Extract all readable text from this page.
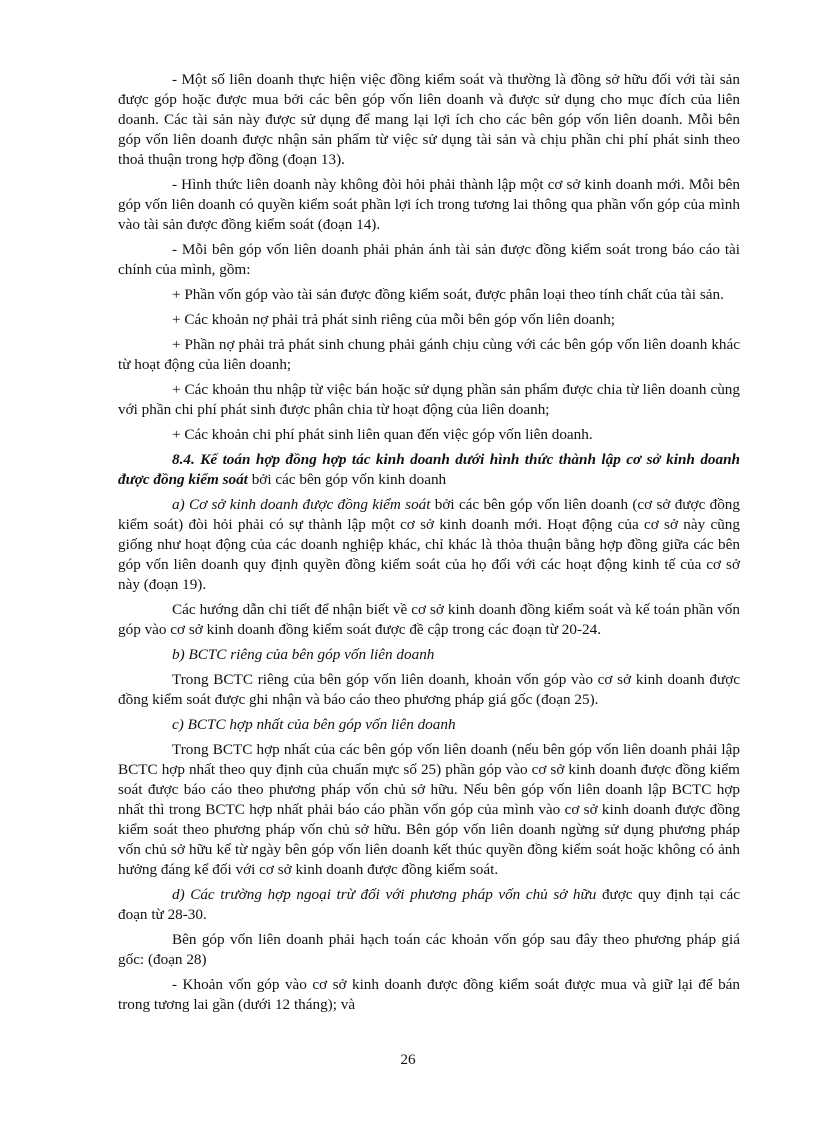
- Một số liên doanh thực hiện việc đồng kiểm soát và thường là đồng sở hữu đối với tài sản được góp hoặc được mua bởi các bên góp vốn liên doanh và được sử dụng cho mục đích của liên doanh. Các tài sản này được sử dụng để mang lại lợi ích cho các bên góp vốn liên doanh. Mỗi bên góp vốn liên doanh được nhận sản phẩm từ việc sử dụng tài sản và chịu phần chi phí phát sinh theo thoả thuận trong hợp đồng (đoạn 13).

- Hình thức liên doanh này không đòi hỏi phải thành lập một cơ sở kinh doanh mới. Mỗi bên góp vốn liên doanh có quyền kiểm soát phần lợi ích trong tương lai thông qua phần vốn góp của mình vào tài sản được đồng kiểm soát (đoạn 14).

- Mỗi bên góp vốn liên doanh phải phản ánh tài sản được đồng kiểm soát trong báo cáo tài chính của mình, gồm:

+ Phần vốn góp vào tài sản được đồng kiểm soát, được phân loại theo tính chất của tài sản.

+ Các khoản nợ phải trả phát sinh riêng của mỗi bên góp vốn liên doanh;

+ Phần nợ phải trả phát sinh chung phải gánh chịu cùng với các bên góp vốn liên doanh khác từ hoạt động của liên doanh;

+ Các khoản thu nhập từ việc bán hoặc sử dụng phần sản phẩm được chia từ liên doanh cùng với phần chi phí phát sinh được phân chia từ hoạt động của liên doanh;

+ Các khoản chi phí phát sinh liên quan đến việc góp vốn liên doanh.

8.4. Kế toán hợp đồng hợp tác kinh doanh dưới hình thức thành lập cơ sở kinh doanh được đồng kiểm soát bởi các bên góp vốn kinh doanh

a) Cơ sở kinh doanh được đồng kiểm soát bởi các bên góp vốn liên doanh (cơ sở được đồng kiểm soát) đòi hỏi phải có sự thành lập một cơ sở kinh doanh mới. Hoạt động của cơ sở này cũng giống như hoạt động của các doanh nghiệp khác, chỉ khác là thỏa thuận bằng hợp đồng giữa các bên góp vốn liên doanh quy định quyền đồng kiểm soát của họ đối với các hoạt động kinh tế của cơ sở này (đoạn 19).

Các hướng dẫn chi tiết để nhận biết về cơ sở kinh doanh đồng kiểm soát và kế toán phần vốn góp vào cơ sở kinh doanh đồng kiểm soát được đề cập trong các đoạn từ 20-24.

b) BCTC riêng của bên góp vốn liên doanh

Trong BCTC riêng của bên góp vốn liên doanh, khoản vốn góp vào cơ sở kinh doanh được đồng kiểm soát được ghi nhận và báo cáo theo phương pháp giá gốc (đoạn 25).

c) BCTC hợp nhất của bên góp vốn liên doanh

Trong BCTC hợp nhất của các bên góp vốn liên doanh (nếu bên góp vốn liên doanh phải lập BCTC hợp nhất theo quy định của chuẩn mực số 25) phần góp vào cơ sở kinh doanh được đồng kiểm soát được báo cáo theo phương pháp vốn chủ sở hữu. Nếu bên góp vốn liên doanh lập BCTC hợp nhất thì trong BCTC hợp nhất phải báo cáo phần vốn góp của mình vào cơ sở kinh doanh được đồng kiểm soát theo phương pháp vốn chủ sở hữu. Bên góp vốn liên doanh ngừng sử dụng phương pháp vốn chủ sở hữu kể từ ngày bên góp vốn liên doanh kết thúc quyền đồng kiểm soát hoặc không có ảnh hưởng đáng kể đối với cơ sở kinh doanh được đồng kiểm soát.

d) Các trường hợp ngoại trừ đối với phương pháp vốn chủ sở hữu được quy định tại các đoạn từ 28-30.

Bên góp vốn liên doanh phải hạch toán các khoản vốn góp sau đây theo phương pháp giá gốc: (đoạn 28)

- Khoản vốn góp vào cơ sở kinh doanh được đồng kiểm soát được mua và giữ lại để bán trong tương lai gần (dưới 12 tháng); và

26
